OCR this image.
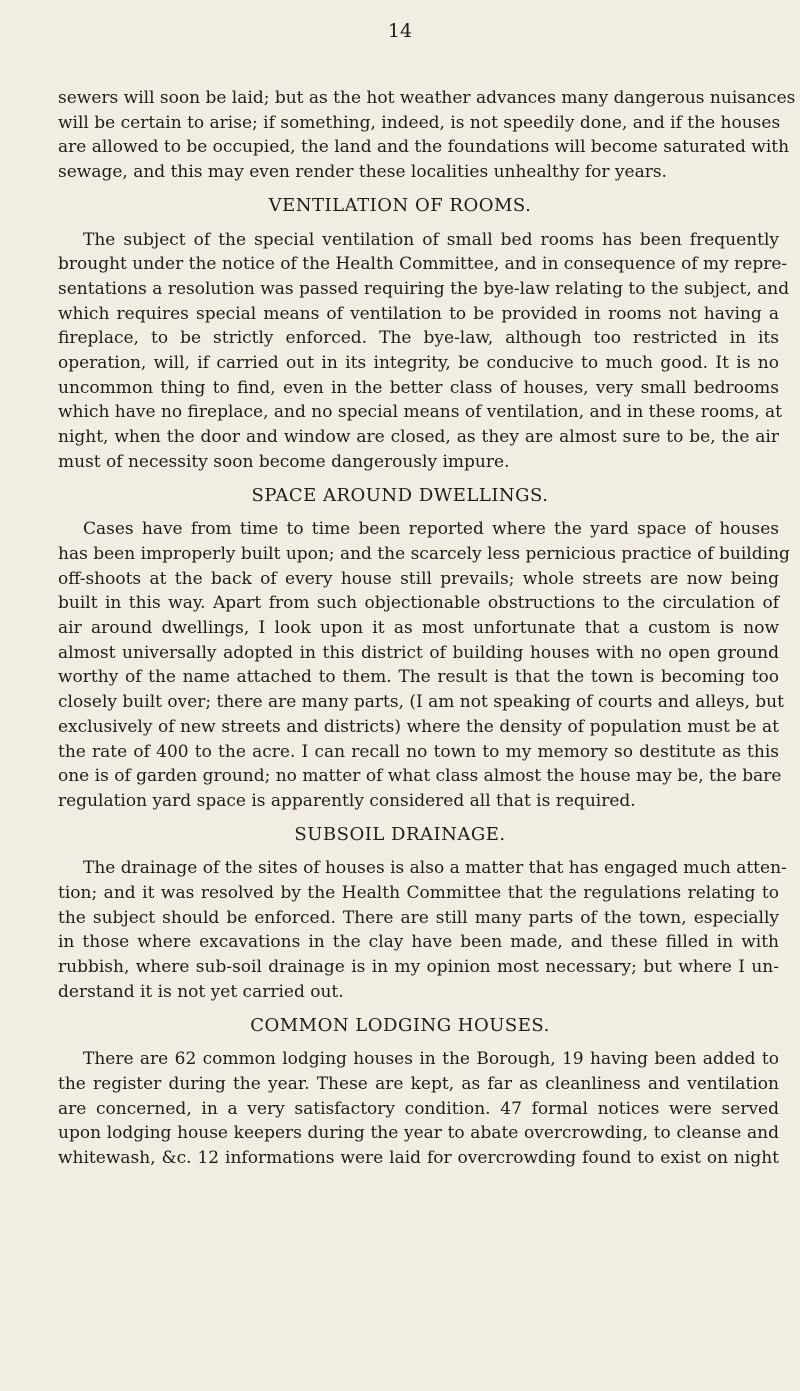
14
sewers will soon be laid; but as the hot weather advances many dangerous nuisances
will be certain to arise; if something, indeed, is not speedily done, and if the houses
are allowed to be occupied, the land and the foundations will become saturated with
sewage, and this may even render these localities unhealthy for years.
VENTILATION OF ROOMS.
The subject of the special ventilation of small bed rooms has been frequently
brought under the notice of the Health Committee, and in consequence of my repre-
sentations a resolution was passed requiring the bye-law relating to the subject, and
which requires special means of ventilation to be provided in rooms not having a
fireplace, to be strictly enforced. The bye-law, although too restricted in its
operation, will, if carried out in its integrity, be conducive to much good. It is no
uncommon thing to find, even in the better class of houses, very small bedrooms
which have no fireplace, and no special means of ventilation, and in these rooms, at
night, when the door and window are closed, as they are almost sure to be, the air
must of necessity soon become dangerously impure.
SPACE AROUND DWELLINGS.
Cases have from time to time been reported where the yard space of houses
has been improperly built upon; and the scarcely less pernicious practice of building
off-shoots at the back of every house still prevails; whole streets are now being
built in this way. Apart from such objectionable obstructions to the circulation of
air around dwellings, I look upon it as most unfortunate that a custom is now
almost universally adopted in this district of building houses with no open ground
worthy of the name attached to them. The result is that the town is becoming too
closely built over; there are many parts, (I am not speaking of courts and alleys, but
exclusively of new streets and districts) where the density of population must be at
the rate of 400 to the acre. I can recall no town to my memory so destitute as this
one is of garden ground; no matter of what class almost the house may be, the bare
regulation yard space is apparently considered all that is required.
SUBSOIL DRAINAGE.
The drainage of the sites of houses is also a matter that has engaged much atten-
tion; and it was resolved by the Health Committee that the regulations relating to
the subject should be enforced. There are still many parts of the town, especially
in those where excavations in the clay have been made, and these filled in with
rubbish, where sub-soil drainage is in my opinion most necessary; but where I un-
derstand it is not yet carried out.
COMMON LODGING HOUSES.
There are 62 common lodging houses in the Borough, 19 having been added to
the register during the year. These are kept, as far as cleanliness and ventilation
are concerned, in a very satisfactory condition. 47 formal notices were served
upon lodging house keepers during the year to abate overcrowding, to cleanse and
whitewash, &c. 12 informations were laid for overcrowding found to exist on night
